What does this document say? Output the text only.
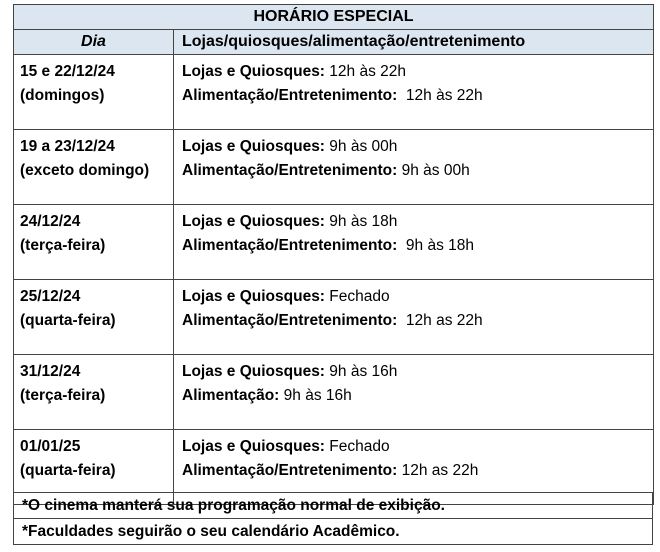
HORÁRIO ESPECIAL	
Dia	Lojas/quiosques/alimentação/entretenimento

15 e 22/12/24
(domingos)	Lojas e Quiosques: 12h às 22h
Alimentação/Entretenimento:  12h às 22h

19 a 23/12/24
(exceto domingo)	Lojas e Quiosques: 9h às 00h
Alimentação/Entretenimento: 9h às 00h

24/12/24
(terça-feira)	Lojas e Quiosques: 9h às 18h
Alimentação/Entretenimento:  9h às 18h

25/12/24
(quarta-feira)	Lojas e Quiosques: Fechado
Alimentação/Entretenimento:  12h as 22h

31/12/24
(terça-feira)	Lojas e Quiosques: 9h às 16h
Alimentação: 9h às 16h

01/01/25
(quarta-feira)	Lojas e Quiosques: Fechado
Alimentação/Entretenimento: 12h as 22h
*O cinema manterá sua programação normal de exibição.
*Faculdades seguirão o seu calendário Acadêmico.
